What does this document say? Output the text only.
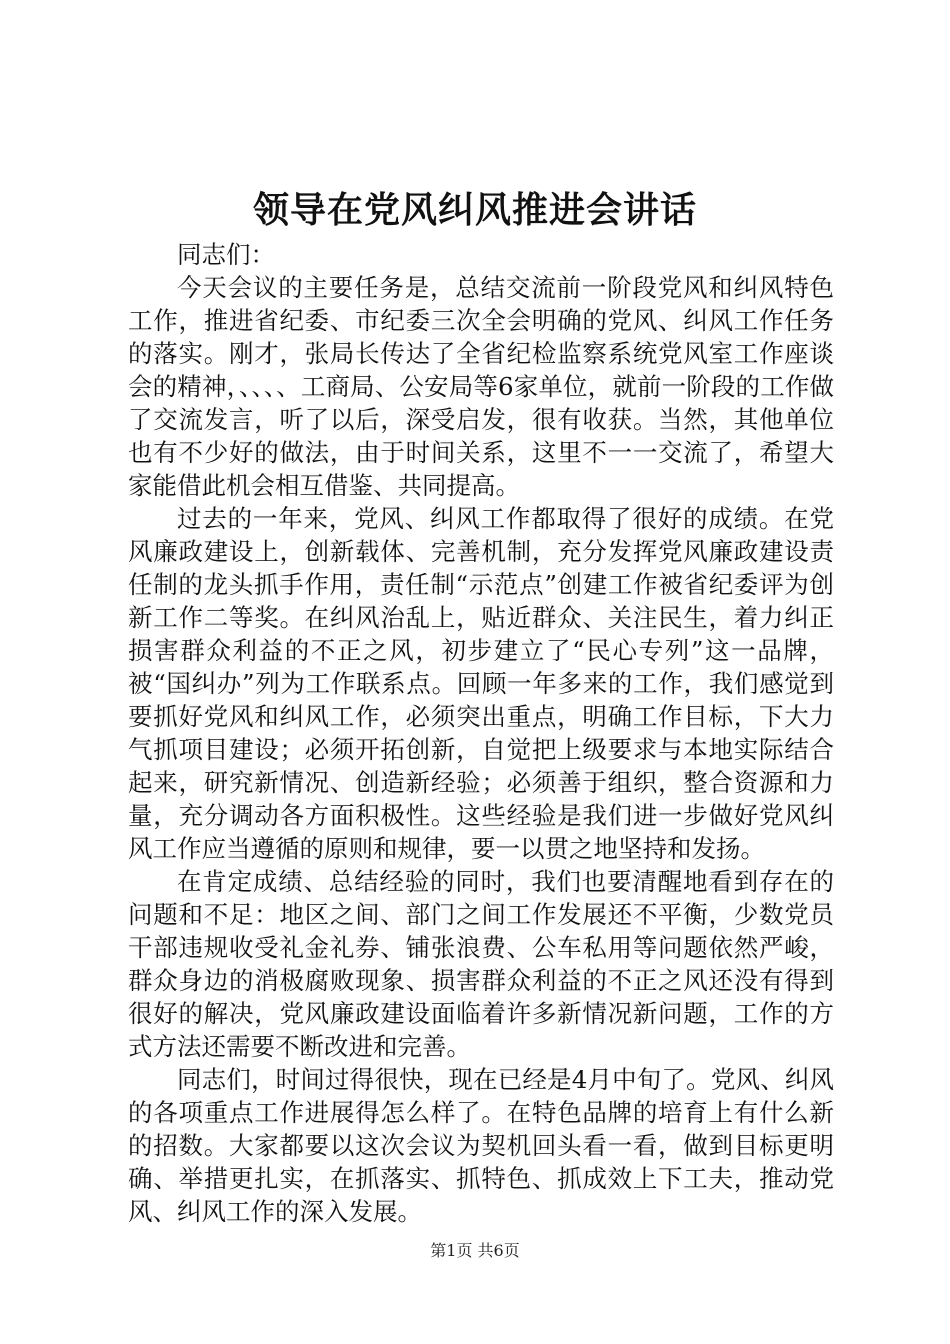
领导在党风纠风推进会讲话

同志们：

今天会议的主要任务是，总结交流前一阶段党风和纠风特色工作，推进省纪委、市纪委三次全会明确的党风、纠风工作任务的落实。刚才，张局长传达了全省纪检监察系统党风室工作座谈会的精神，、、、、工商局、公安局等6家单位，就前一阶段的工作做了交流发言，听了以后，深受启发，很有收获。当然，其他单位也有不少好的做法，由于时间关系，这里不一一交流了，希望大家能借此机会相互借鉴、共同提高。

过去的一年来，党风、纠风工作都取得了很好的成绩。在党风廉政建设上，创新载体、完善机制，充分发挥党风廉政建设责任制的龙头抓手作用，责任制“示范点”创建工作被省纪委评为创新工作二等奖。在纠风治乱上，贴近群众、关注民生，着力纠正损害群众利益的不正之风，初步建立了“民心专列”这一品牌，被“国纠办”列为工作联系点。回顾一年多来的工作，我们感觉到要抓好党风和纠风工作，必须突出重点，明确工作目标，下大力气抓项目建设；必须开拓创新，自觉把上级要求与本地实际结合起来，研究新情况、创造新经验；必须善于组织，整合资源和力量，充分调动各方面积极性。这些经验是我们进一步做好党风纠风工作应当遵循的原则和规律，要一以贯之地坚持和发扬。

在肯定成绩、总结经验的同时，我们也要清醒地看到存在的问题和不足：地区之间、部门之间工作发展还不平衡，少数党员干部违规收受礼金礼券、铺张浪费、公车私用等问题依然严峻，群众身边的消极腐败现象、损害群众利益的不正之风还没有得到很好的解决，党风廉政建设面临着许多新情况新问题，工作的方式方法还需要不断改进和完善。

同志们，时间过得很快，现在已经是4月中旬了。党风、纠风的各项重点工作进展得怎么样了。在特色品牌的培育上有什么新的招数。大家都要以这次会议为契机回头看一看，做到目标更明确、举措更扎实，在抓落实、抓特色、抓成效上下工夫，推动党风、纠风工作的深入发展。

第1页 共6页
